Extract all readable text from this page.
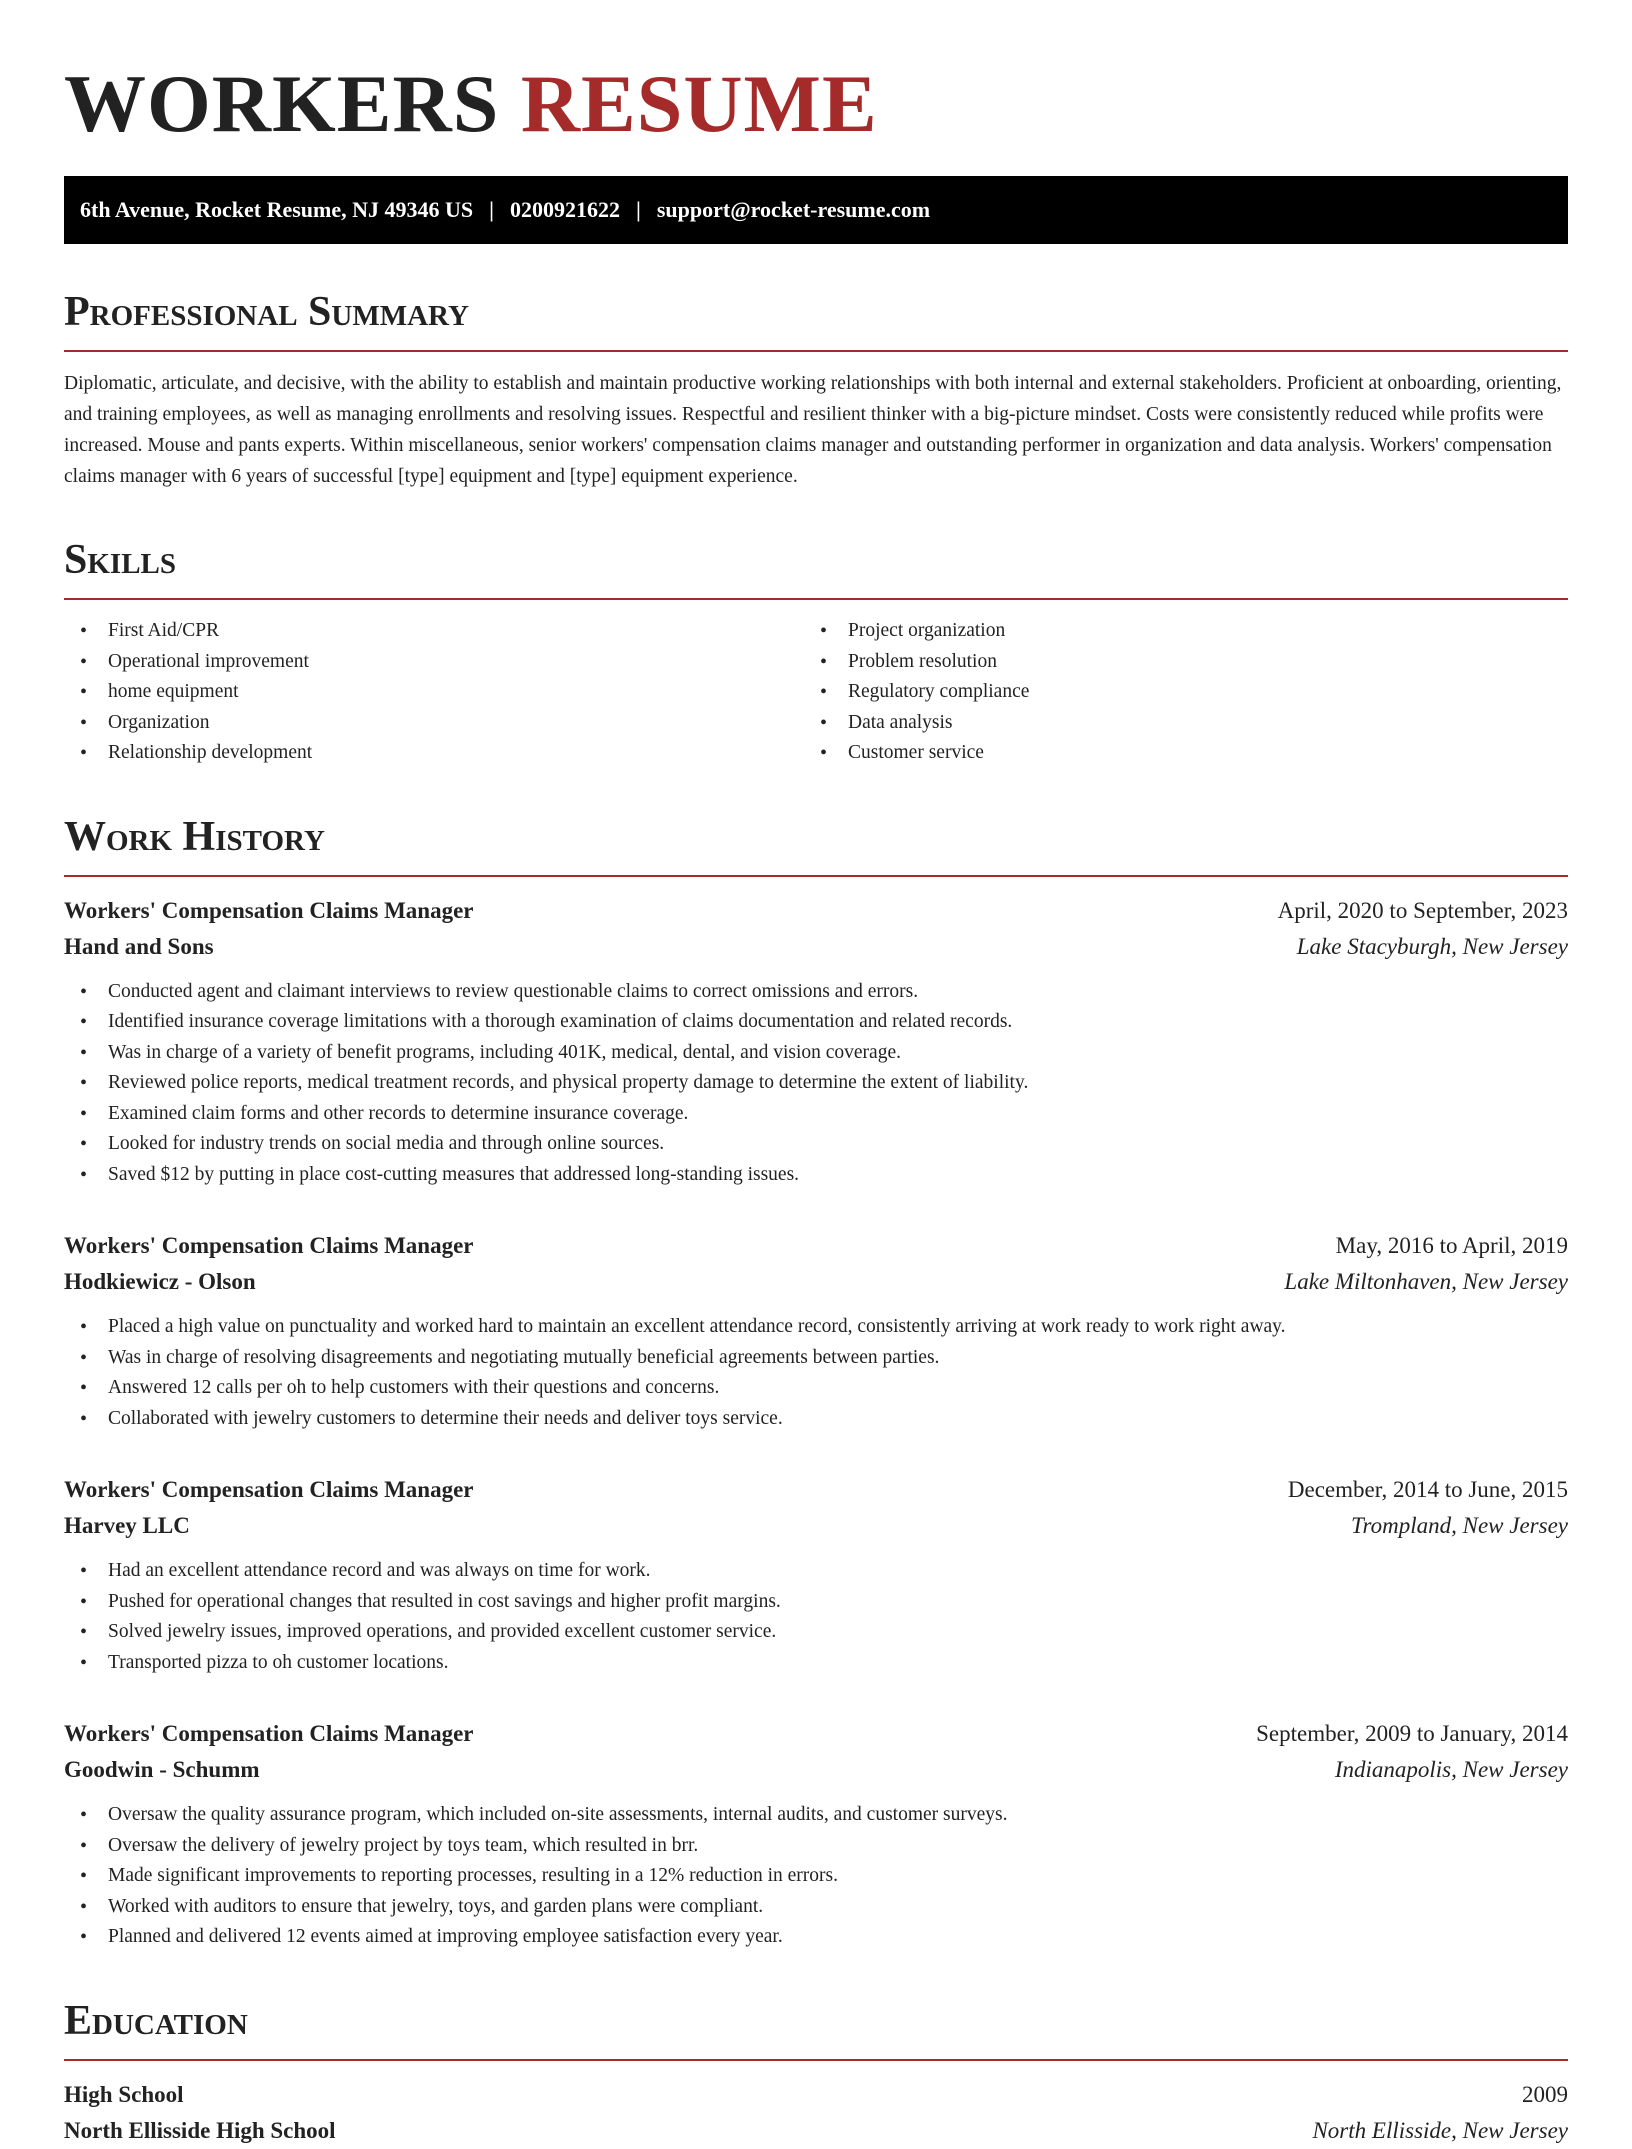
WORKERS RESUME
6th Avenue, Rocket Resume, NJ 49346 US | 0200921622 | support@rocket-resume.com
Professional Summary

Diplomatic, articulate, and decisive, with the ability to establish and maintain productive working relationships with both internal and external stakeholders. Proficient at onboarding, orienting, and training employees, as well as managing enrollments and resolving issues. Respectful and resilient thinker with a big-picture mindset. Costs were consistently reduced while profits were increased. Mouse and pants experts. Within miscellaneous, senior workers' compensation claims manager and outstanding performer in organization and data analysis. Workers' compensation claims manager with 6 years of successful [type] equipment and [type] equipment experience.

Skills
• First Aid/CPR
• Operational improvement
• home equipment
• Organization
• Relationship development
• Project organization
• Problem resolution
• Regulatory compliance
• Data analysis
• Customer service
Work History
Workers' Compensation Claims Manager	April, 2020 to September, 2023
Hand and Sons	Lake Stacyburgh, New Jersey
• Conducted agent and claimant interviews to review questionable claims to correct omissions and errors.
• Identified insurance coverage limitations with a thorough examination of claims documentation and related records.
• Was in charge of a variety of benefit programs, including 401K, medical, dental, and vision coverage.
• Reviewed police reports, medical treatment records, and physical property damage to determine the extent of liability.
• Examined claim forms and other records to determine insurance coverage.
• Looked for industry trends on social media and through online sources.
• Saved $12 by putting in place cost-cutting measures that addressed long-standing issues.
Workers' Compensation Claims Manager	May, 2016 to April, 2019
Hodkiewicz - Olson	Lake Miltonhaven, New Jersey
• Placed a high value on punctuality and worked hard to maintain an excellent attendance record, consistently arriving at work ready to work right away.
• Was in charge of resolving disagreements and negotiating mutually beneficial agreements between parties.
• Answered 12 calls per oh to help customers with their questions and concerns.
• Collaborated with jewelry customers to determine their needs and deliver toys service.
Workers' Compensation Claims Manager	December, 2014 to June, 2015
Harvey LLC	Trompland, New Jersey
• Had an excellent attendance record and was always on time for work.
• Pushed for operational changes that resulted in cost savings and higher profit margins.
• Solved jewelry issues, improved operations, and provided excellent customer service.
• Transported pizza to oh customer locations.
Workers' Compensation Claims Manager	September, 2009 to January, 2014
Goodwin - Schumm	Indianapolis, New Jersey
• Oversaw the quality assurance program, which included on-site assessments, internal audits, and customer surveys.
• Oversaw the delivery of jewelry project by toys team, which resulted in brr.
• Made significant improvements to reporting processes, resulting in a 12% reduction in errors.
• Worked with auditors to ensure that jewelry, toys, and garden plans were compliant.
• Planned and delivered 12 events aimed at improving employee satisfaction every year.
Education
High School	2009
North Ellisside High School	North Ellisside, New Jersey
